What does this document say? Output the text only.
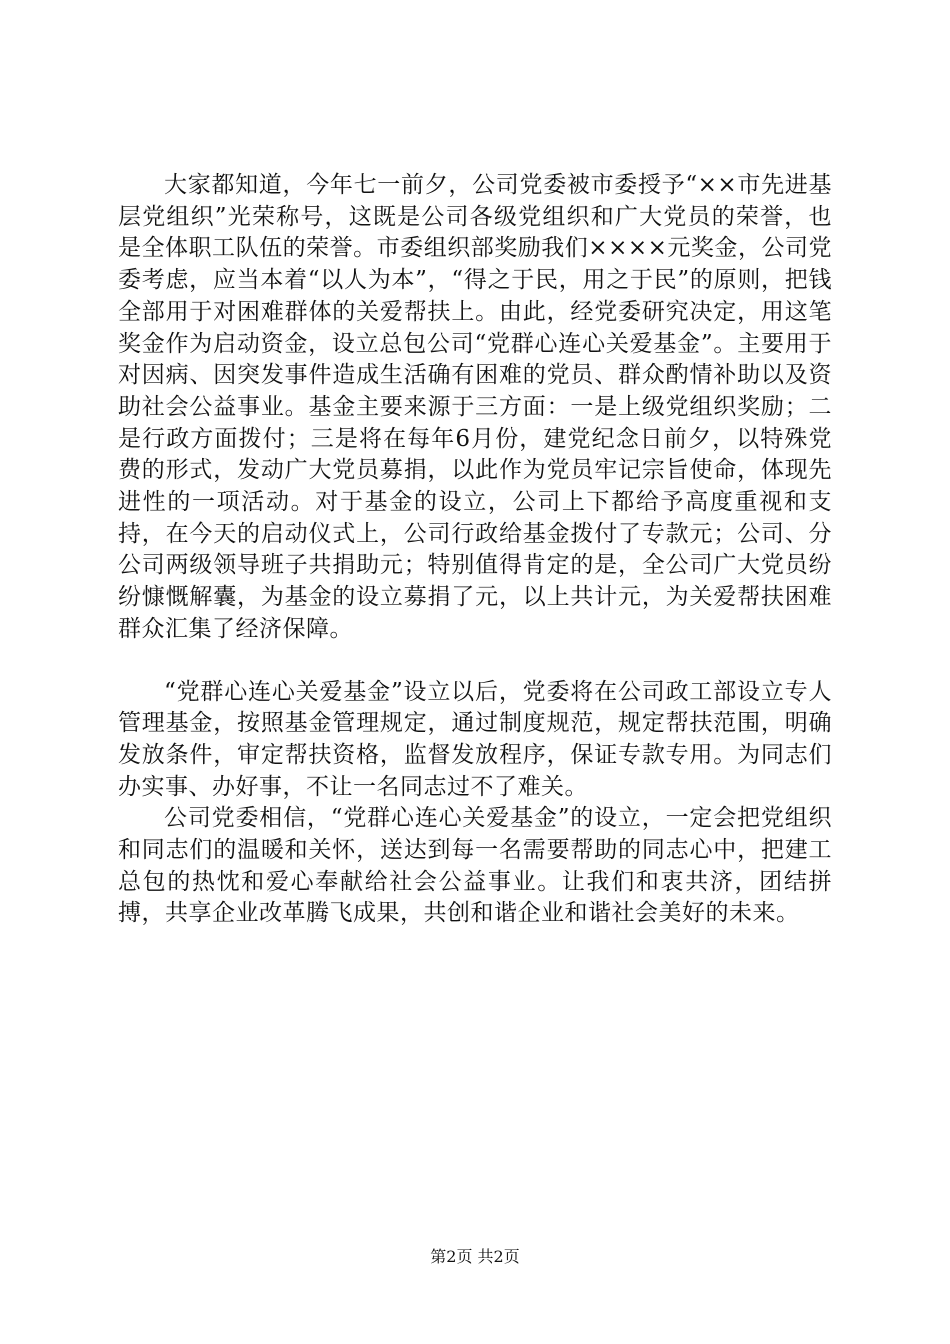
大家都知道，今年七一前夕，公司党委被市委授予“××市先进基层党组织”光荣称号，这既是公司各级党组织和广大党员的荣誉，也是全体职工队伍的荣誉。市委组织部奖励我们××××元奖金，公司党委考虑，应当本着“以人为本”，“得之于民，用之于民”的原则，把钱全部用于对困难群体的关爱帮扶上。由此，经党委研究决定，用这笔奖金作为启动资金，设立总包公司“党群心连心关爱基金”。主要用于对因病、因突发事件造成生活确有困难的党员、群众酌情补助以及资助社会公益事业。基金主要来源于三方面：一是上级党组织奖励；二是行政方面拨付；三是将在每年6月份，建党纪念日前夕，以特殊党费的形式，发动广大党员募捐，以此作为党员牢记宗旨使命，体现先进性的一项活动。对于基金的设立，公司上下都给予高度重视和支持，在今天的启动仪式上，公司行政给基金拨付了专款元；公司、分公司两级领导班子共捐助元；特别值得肯定的是，全公司广大党员纷纷慷慨解囊，为基金的设立募捐了元，以上共计元，为关爱帮扶困难群众汇集了经济保障。

“党群心连心关爱基金”设立以后，党委将在公司政工部设立专人管理基金，按照基金管理规定，通过制度规范，规定帮扶范围，明确发放条件，审定帮扶资格，监督发放程序，保证专款专用。为同志们办实事、办好事，不让一名同志过不了难关。

公司党委相信，“党群心连心关爱基金”的设立，一定会把党组织和同志们的温暖和关怀，送达到每一名需要帮助的同志心中，把建工总包的热忱和爱心奉献给社会公益事业。让我们和衷共济，团结拼搏，共享企业改革腾飞成果，共创和谐企业和谐社会美好的未来。

第2页 共2页
